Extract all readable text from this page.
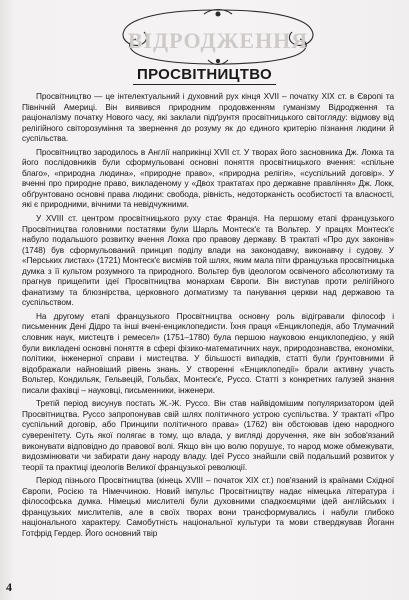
ВІДРОДЖЕННЯ
ПРОСВІТНИЦТВО

Просвітництво — це інтелектуальний і духовний рух кінця XVII – початку XIX ст. в Європі та Північній Америці. Він виявився природним продовженням гуманізму Відродження та раціоналізму початку Нового часу, які заклали підґрунтя просвітницького світогляду: відмову від релігійного світорозуміння та звернення до розуму як до єдиного критерію пізнання людини й суспільства.

Просвітництво зародилось в Англії наприкінці XVII ст. У творах його засновника Дж. Локка та його послідовників були сформульовані основні поняття просвітницького вчення: «спільне благо», «природна людина», «природне право», «природна релігія», «суспільний договір». У вченні про природне право, викладеному у «Двох трактатах про державне правління» Дж. Локк, обґрунтовано основні права людини: свобода, рівність, недоторканість особистості та власності, які є природними, вічними та невідчужними.

У XVIII ст. центром просвітницького руху стає Франція. На першому етапі французького Просвітництва головними постатями були Шарль Монтеск'є та Вольтер. У працях Монтеск'є набуло подальшого розвитку вчення Локка про правову державу. В трактаті «Про дух законів» (1748) був сформульований принцип поділу влади на законодавчу, виконавчу і судову. У «Перських листах» (1721) Монтеск'є висміяв той шлях, яким мала піти французька просвітницька думка з її культом розумного та природного. Вольтер був ідеологом освіченого абсолютизму та прагнув прищепити ідеї Просвітництва монархам Європи. Він виступав проти релігійного фанатизму та блюзнірства, церковного догматизму та панування церкви над державою та суспільством.

На другому етапі французького Просвітництва основну роль відігравали філософ і письменник Дені Дідро та інші вчені-енциклопедисти. Їхня праця «Енциклопедія, або Тлумачний словник наук, мистецтв і ремесел» (1751–1780) була першою науковою енциклопедією, у якій були викладені основні поняття в сфері фізико-математичних наук, природознавства, економіки, політики, інженерної справи і мистецтва. У більшості випадків, статті були ґрунтовними й відображали найновіший рівень знань. У створенні «Енциклопедії» брали активну участь Вольтер, Кондильяк, Гельвецій, Гольбах, Монтеск'є, Руссо. Статті з конкретних галузей знання писали фахівці – науковці, письменники, інженери.

Третій період висунув постать Ж.-Ж. Руссо. Він став найвідомішим популяризатором ідей Просвітництва. Руссо запропонував свій шлях політичного устрою суспільства. У трактаті «Про суспільний договір, або Принципи політичного права» (1762) він обстоював ідею народного суверенітету. Суть якої полягає в тому, що влада, у вигляді доручення, яке він зобов'язаний виконувати відповідно до правової волі. Якщо він цю волю порушує, то народ може обмежувати, видозмінювати чи забирати дану народу владу. Ідеї Руссо знайшли свій подальший розвиток у теорії та практиці ідеологів Великої французької революції.

Період пізнього Просвітництва (кінець XVIII – початок XIX ст.) пов'язаний із країнами Східної Європи, Росією та Німеччиною. Новий імпульс Просвітництву надає німецька література і філософська думка. Німецькі мислителі були духовними спадкоємцями ідей англійських і французьких мислителів, але в своїх творах вони трансформувались і набули глибоко національного характеру. Самобутність національної культури та мови стверджував Йоганн Готфрід Гердер. Його основний твір

4
